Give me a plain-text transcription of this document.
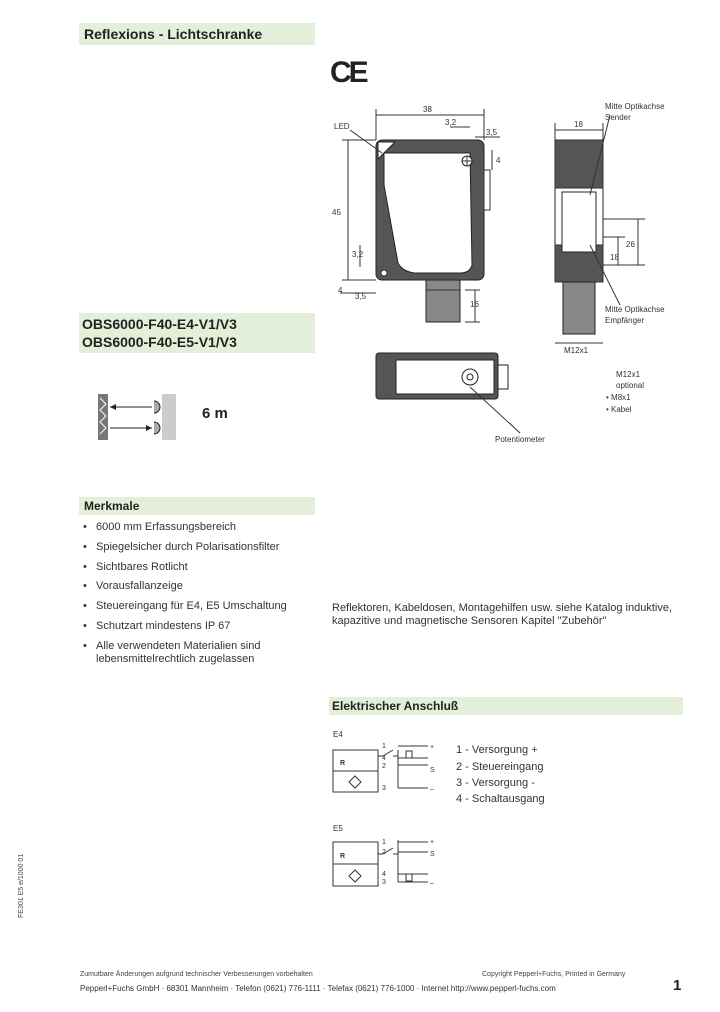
Reflexions - Lichtschranke
CE
OBS6000-F40-E4-V1/V3
OBS6000-F40-E5-V1/V3
6 m
LED
38
3,2
3,5
4
45
3,2
4
3,5
16
18
26
18
Mitte Optikachse
Sender
Mitte Optikachse
Empfänger
M12x1
M12x1
optional
• M8x1
• Kabel
Potentiometer
Merkmale
• 6000 mm Erfassungsbereich
• Spiegelsicher durch Polarisationsfilter
• Sichtbares Rotlicht
• Vorausfallanzeige
• Steuereingang für E4, E5 Umschaltung
• Schutzart mindestens IP 67
• Alle verwendeten Materialien sind lebensmittelrechtlich zugelassen
Reflektoren, Kabeldosen, Montagehilfen usw. siehe Katalog induktive,
kapazitive und magnetische Sensoren Kapitel "Zubehör"
Elektrischer Anschluß
E4
R
1
4
2
3
+
S
–
1 - Versorgung +
2 - Steuereingang
3 - Versorgung -
4 - Schaltausgang
E5
R
1
2
4
3
+
S
–
FE301 E5 e/1000 01
Zumutbare Änderungen aufgrund technischer Verbesserungen vorbehalten	Copyright Pepperl+Fuchs, Printed in Germany
Pepperl+Fuchs GmbH · 68301 Mannheim · Telefon (0621) 776-1111 · Telefax (0621) 776-1000 · Internet http://www.pepperl-fuchs.com	1
